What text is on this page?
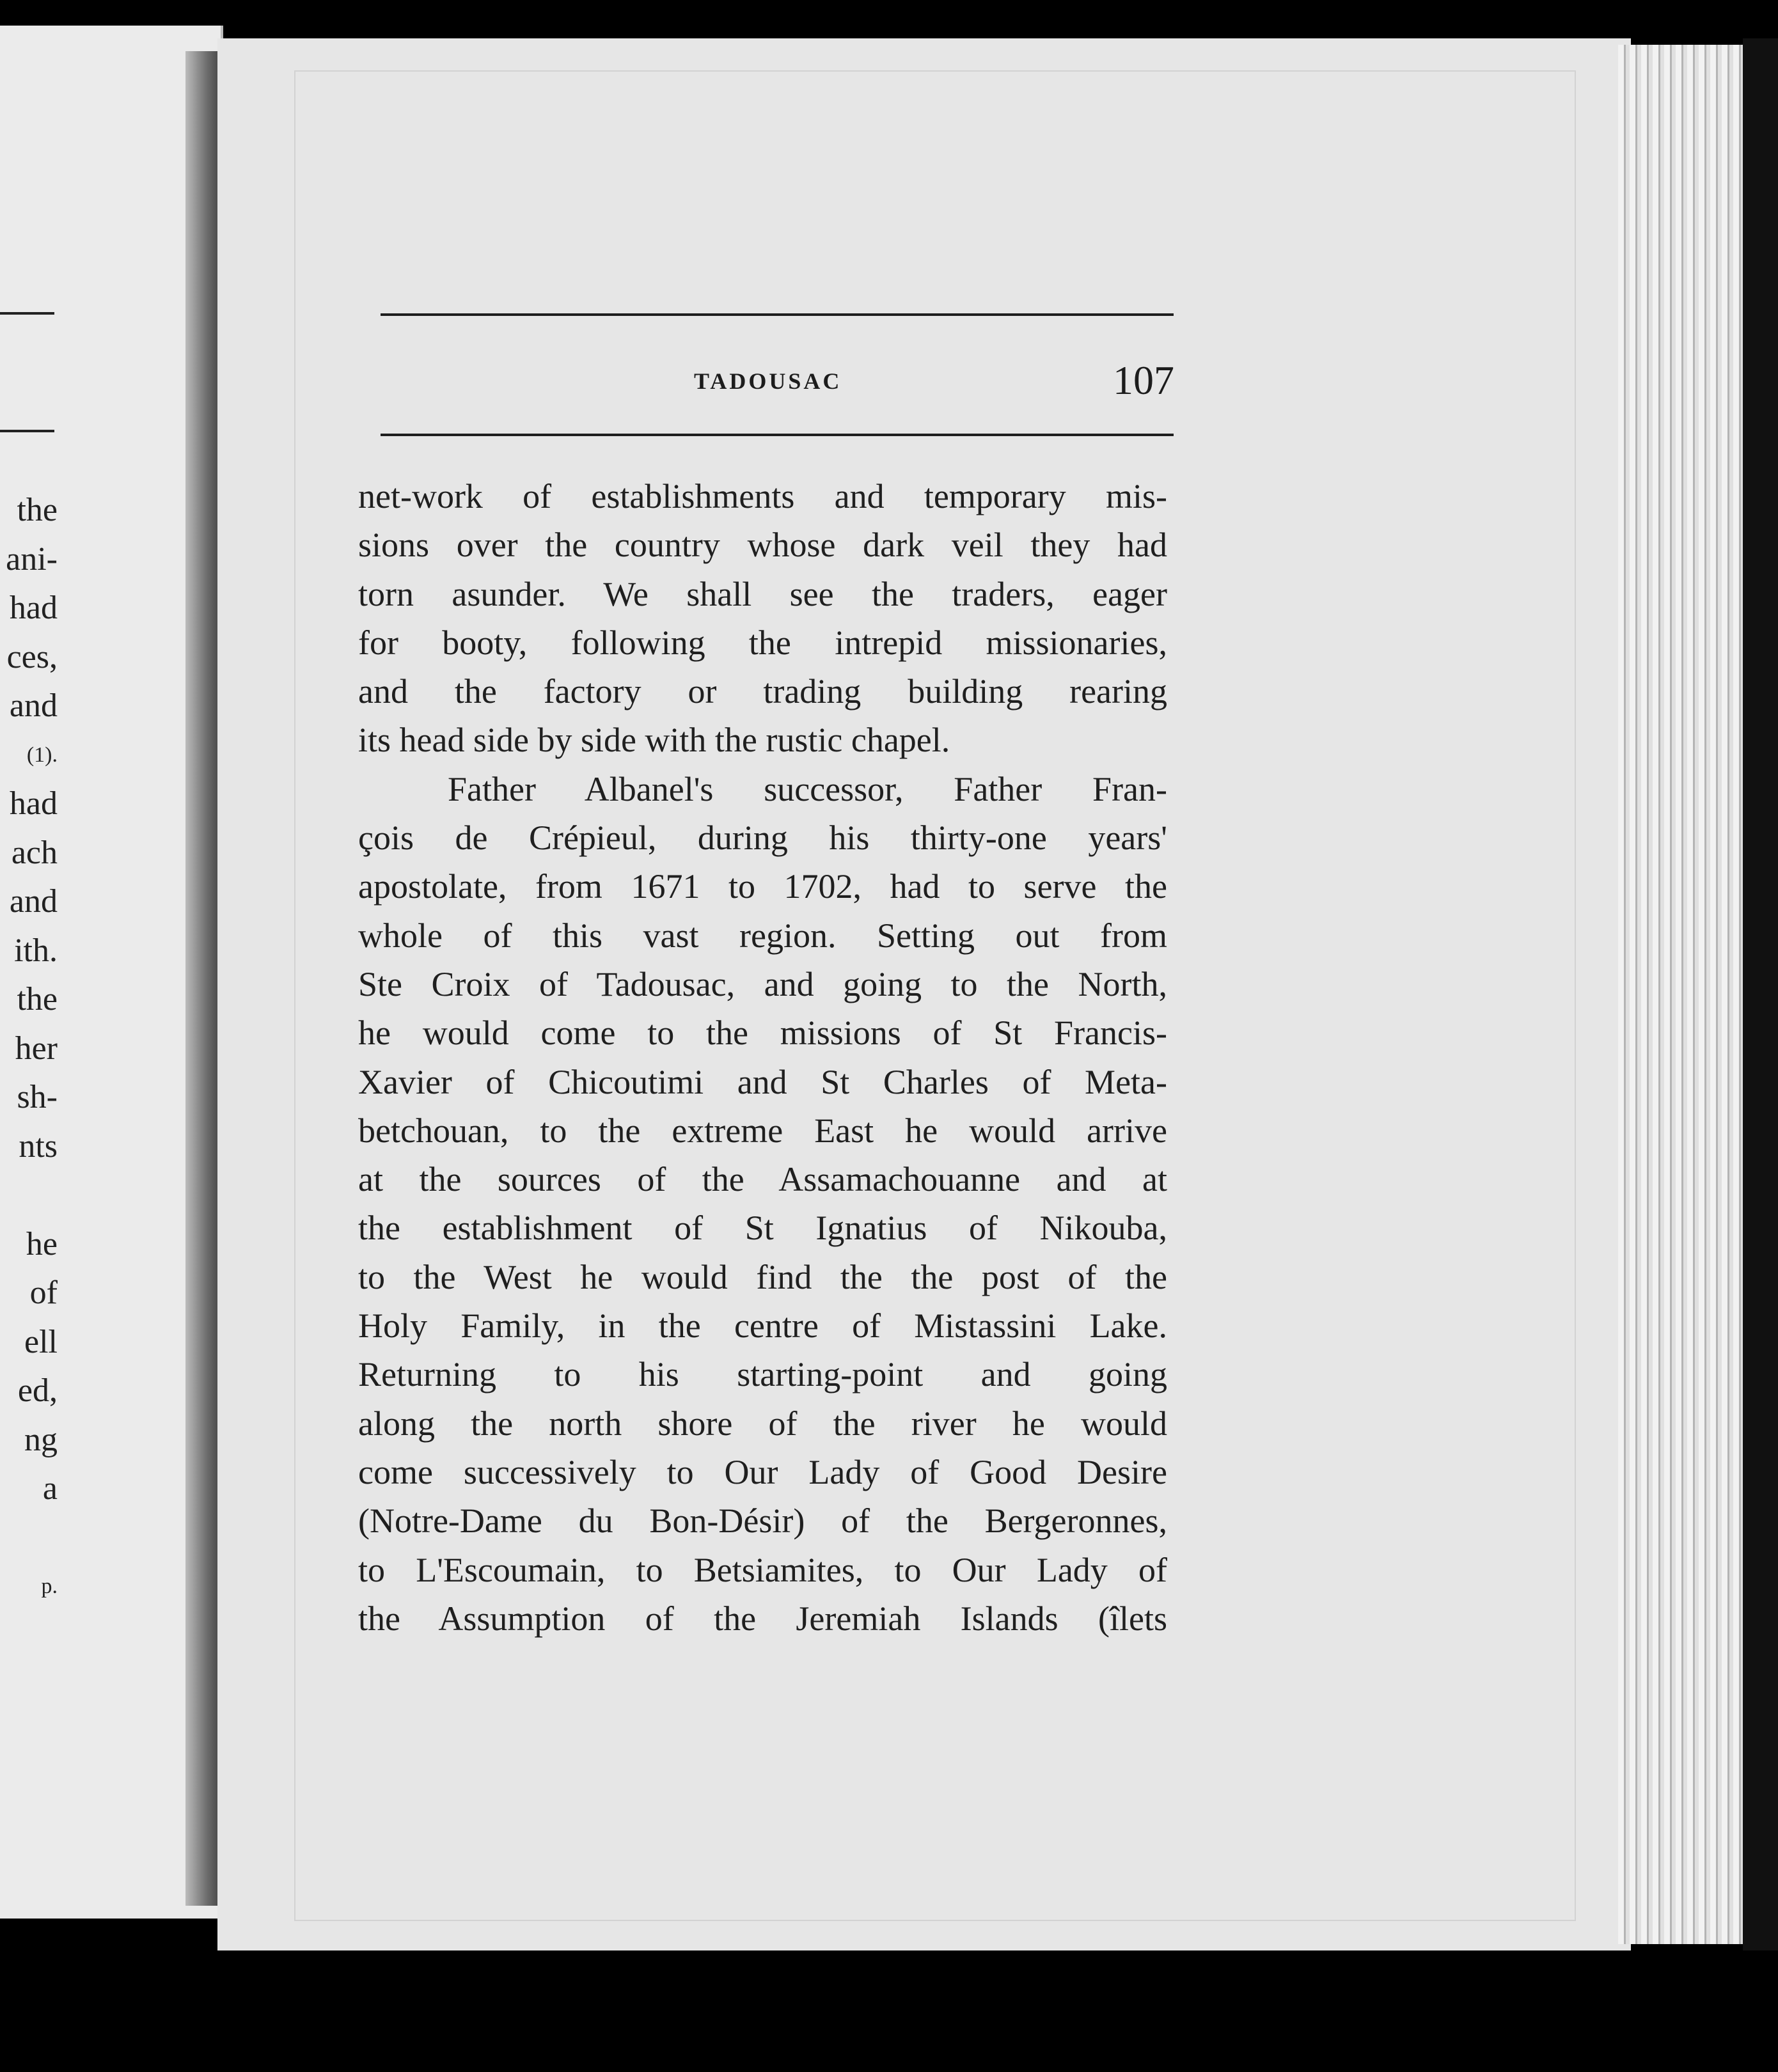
the
ani-
had
ces,
and
(1).
had
ach
and
ith.
the
her
sh-
nts
he
of
ell
ed,
ng
a
p.
TADOUSAC	107
net-work of establishments and temporary mis-
sions over the country whose dark veil they had
torn asunder. We shall see the traders, eager
for booty, following the intrepid missionaries,
and the factory or trading building rearing
its head side by side with the rustic chapel.
Father Albanel's successor, Father Fran-
çois de Crépieul, during his thirty-one years'
apostolate, from 1671 to 1702, had to serve the
whole of this vast region. Setting out from
Ste Croix of Tadousac, and going to the North,
he would come to the missions of St Francis-
Xavier of Chicoutimi and St Charles of Meta-
betchouan, to the extreme East he would arrive
at the sources of the Assamachouanne and at
the establishment of St Ignatius of Nikouba,
to the West he would find the the post of the
Holy Family, in the centre of Mistassini Lake.
Returning to his starting-point and going
along the north shore of the river he would
come successively to Our Lady of Good Desire
(Notre-Dame du Bon-Désir) of the Bergeronnes,
to L'Escoumain, to Betsiamites, to Our Lady of
the Assumption of the Jeremiah Islands (îlets
